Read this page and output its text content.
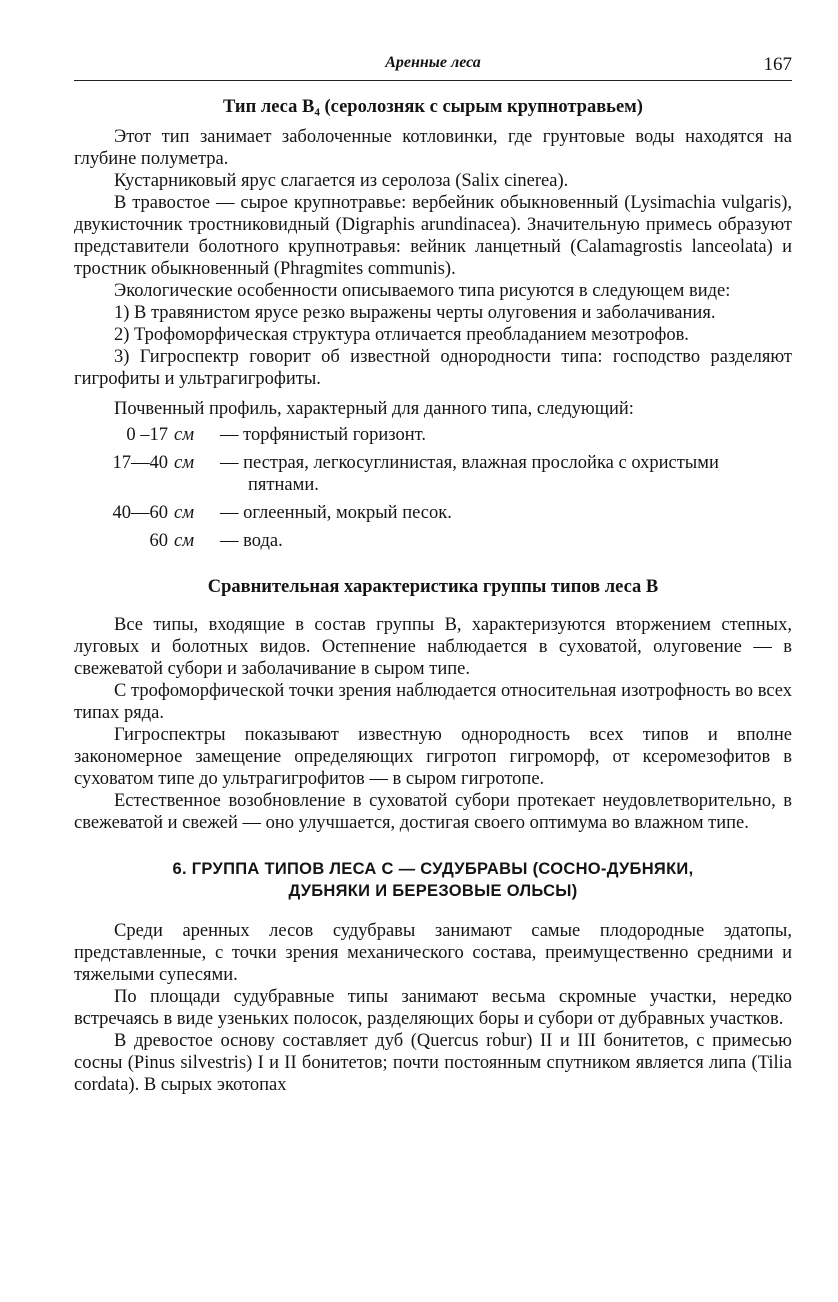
Аренные леса	167
Тип леса B₄ (серолозняк с сырым крупнотравьем)

Этот тип занимает заболоченные котловинки, где грунтовые воды находятся на глубине полуметра.

Кустарниковый ярус слагается из серолоза (Salix cinerea).

В травостое — сырое крупнотравье: вербейник обыкновенный (Lysimachia vulgaris), двукисточник тростниковидный (Digraphis arundinacea). Значительную примесь образуют представители болотного крупнотравья: вейник ланцетный (Calamagrostis lanceolata) и тростник обыкновенный (Phragmites communis).

Экологические особенности описываемого типа рисуются в следующем виде:

1) В травянистом ярусе резко выражены черты олуговения и заболачивания.

2) Трофоморфическая структура отличается преобладанием мезотрофов.

3) Гигроспектр говорит об известной однородности типа: господство разделяют гигрофиты и ультрагигрофиты.

Почвенный профиль, характерный для данного типа, следующий:

0 –17 см	— торфянистый горизонт.
17—40 см	— пестрая, легкосуглинистая, влажная прослойка с охристыми пятнами.
40—60 см	— оглеенный, мокрый песок.
60 см	— вода.
Сравнительная характеристика группы типов леса В

Все типы, входящие в состав группы В, характеризуются вторжением степных, луговых и болотных видов. Остепнение наблюдается в суховатой, олуговение — в свежеватой субори и заболачивание в сыром типе.

С трофоморфической точки зрения наблюдается относительная изотрофность во всех типах ряда.

Гигроспектры показывают известную однородность всех типов и вполне закономерное замещение определяющих гигротоп гигроморф, от ксеромезофитов в суховатом типе до ультрагигрофитов — в сыром гигротопе.

Естественное возобновление в суховатой субори протекает неудовлетворительно, в свежеватой и свежей — оно улучшается, достигая своего оптимума во влажном типе.

6. ГРУППА ТИПОВ ЛЕСА С — СУДУБРАВЫ (СОСНО-ДУБНЯКИ,
ДУБНЯКИ И БЕРЕЗОВЫЕ ОЛЬСЫ)

Среди аренных лесов судубравы занимают самые плодородные эдатопы, представленные, с точки зрения механического состава, преимущественно средними и тяжелыми супесями.

По площади судубравные типы занимают весьма скромные участки, нередко встречаясь в виде узеньких полосок, разделяющих боры и субори от дубравных участков.

В древостое основу составляет дуб (Quercus robur) II и III бонитетов, с примесью сосны (Pinus silvestris) I и II бонитетов; почти постоянным спутником является липа (Tilia cordata). В сырых экотопах
